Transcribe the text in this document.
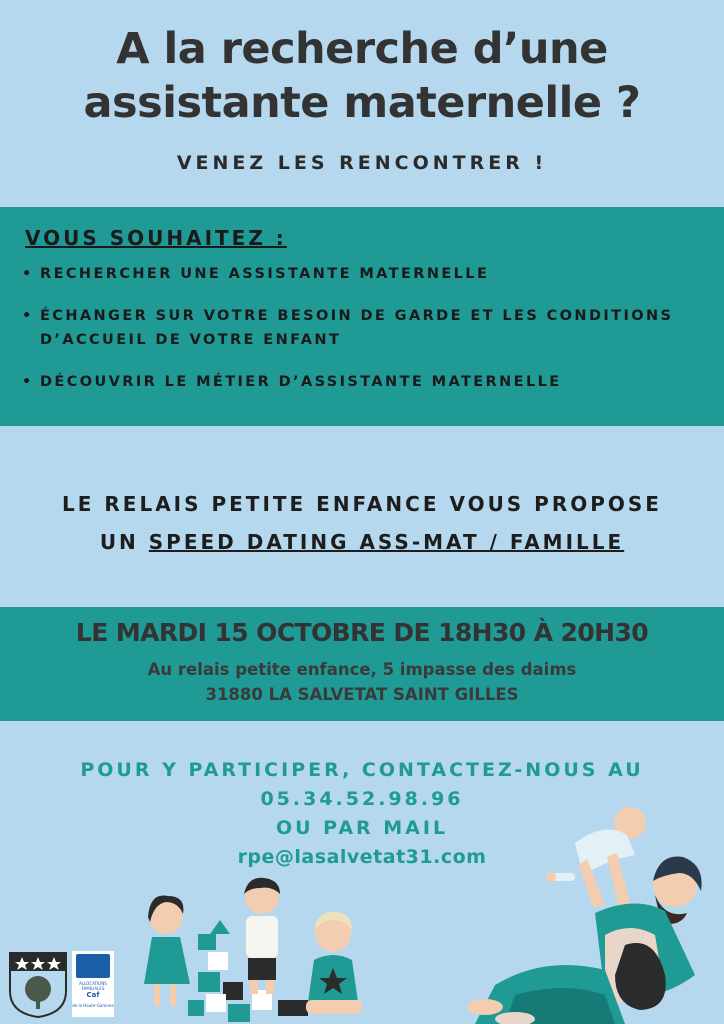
A la recherche d’une
assistante maternelle ?
VENEZ LES RENCONTRER !
VOUS SOUHAITEZ :
• RECHERCHER UNE ASSISTANTE MATERNELLE
• ÉCHANGER SUR VOTRE BESOIN DE GARDE ET LES CONDITIONS D’ACCUEIL DE VOTRE ENFANT
• DÉCOUVRIR LE MÉTIER D’ASSISTANTE MATERNELLE
LE RELAIS PETITE ENFANCE VOUS PROPOSE
UN SPEED DATING ASS-MAT / FAMILLE
LE MARDI 15 OCTOBRE DE 18H30 À 20H30
Au relais petite enfance, 5 impasse des daims
31880 LA SALVETAT SAINT GILLES
POUR Y PARTICIPER, CONTACTEZ-NOUS AU
05.34.52.98.96
OU PAR MAIL
rpe@lasalvetat31.com
ALLOCATIONS FAMILIALES
Caf
de la Haute-Garonne
